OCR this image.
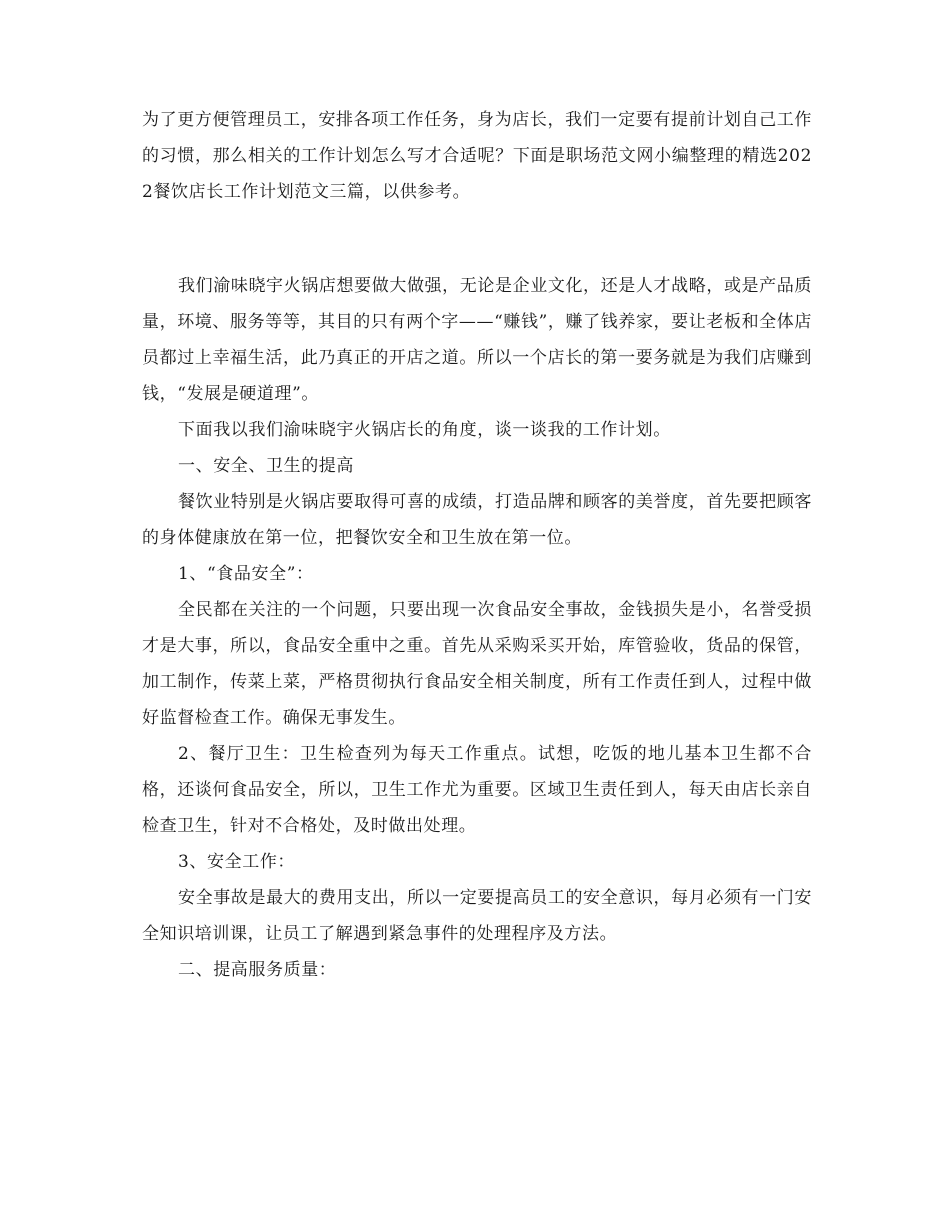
为了更方便管理员工，安排各项工作任务，身为店长，我们一定要有提前计划自己工作的习惯，那么相关的工作计划怎么写才合适呢？下面是职场范文网小编整理的精选2022餐饮店长工作计划范文三篇，以供参考。

我们渝味晓宇火锅店想要做大做强，无论是企业文化，还是人才战略，或是产品质量，环境、服务等等，其目的只有两个字——“赚钱”，赚了钱养家，要让老板和全体店员都过上幸福生活，此乃真正的开店之道。所以一个店长的第一要务就是为我们店赚到钱，“发展是硬道理”。

下面我以我们渝味晓宇火锅店长的角度，谈一谈我的工作计划。

一、安全、卫生的提高

餐饮业特别是火锅店要取得可喜的成绩，打造品牌和顾客的美誉度，首先要把顾客的身体健康放在第一位，把餐饮安全和卫生放在第一位。

1、“食品安全”：

全民都在关注的一个问题，只要出现一次食品安全事故，金钱损失是小，名誉受损才是大事，所以，食品安全重中之重。首先从采购采买开始，库管验收，货品的保管，加工制作，传菜上菜，严格贯彻执行食品安全相关制度，所有工作责任到人，过程中做好监督检查工作。确保无事发生。

2、餐厅卫生：卫生检查列为每天工作重点。试想，吃饭的地儿基本卫生都不合格，还谈何食品安全，所以，卫生工作尤为重要。区域卫生责任到人，每天由店长亲自检查卫生，针对不合格处，及时做出处理。

3、安全工作：

安全事故是最大的费用支出，所以一定要提高员工的安全意识，每月必须有一门安全知识培训课，让员工了解遇到紧急事件的处理程序及方法。

二、提高服务质量：
